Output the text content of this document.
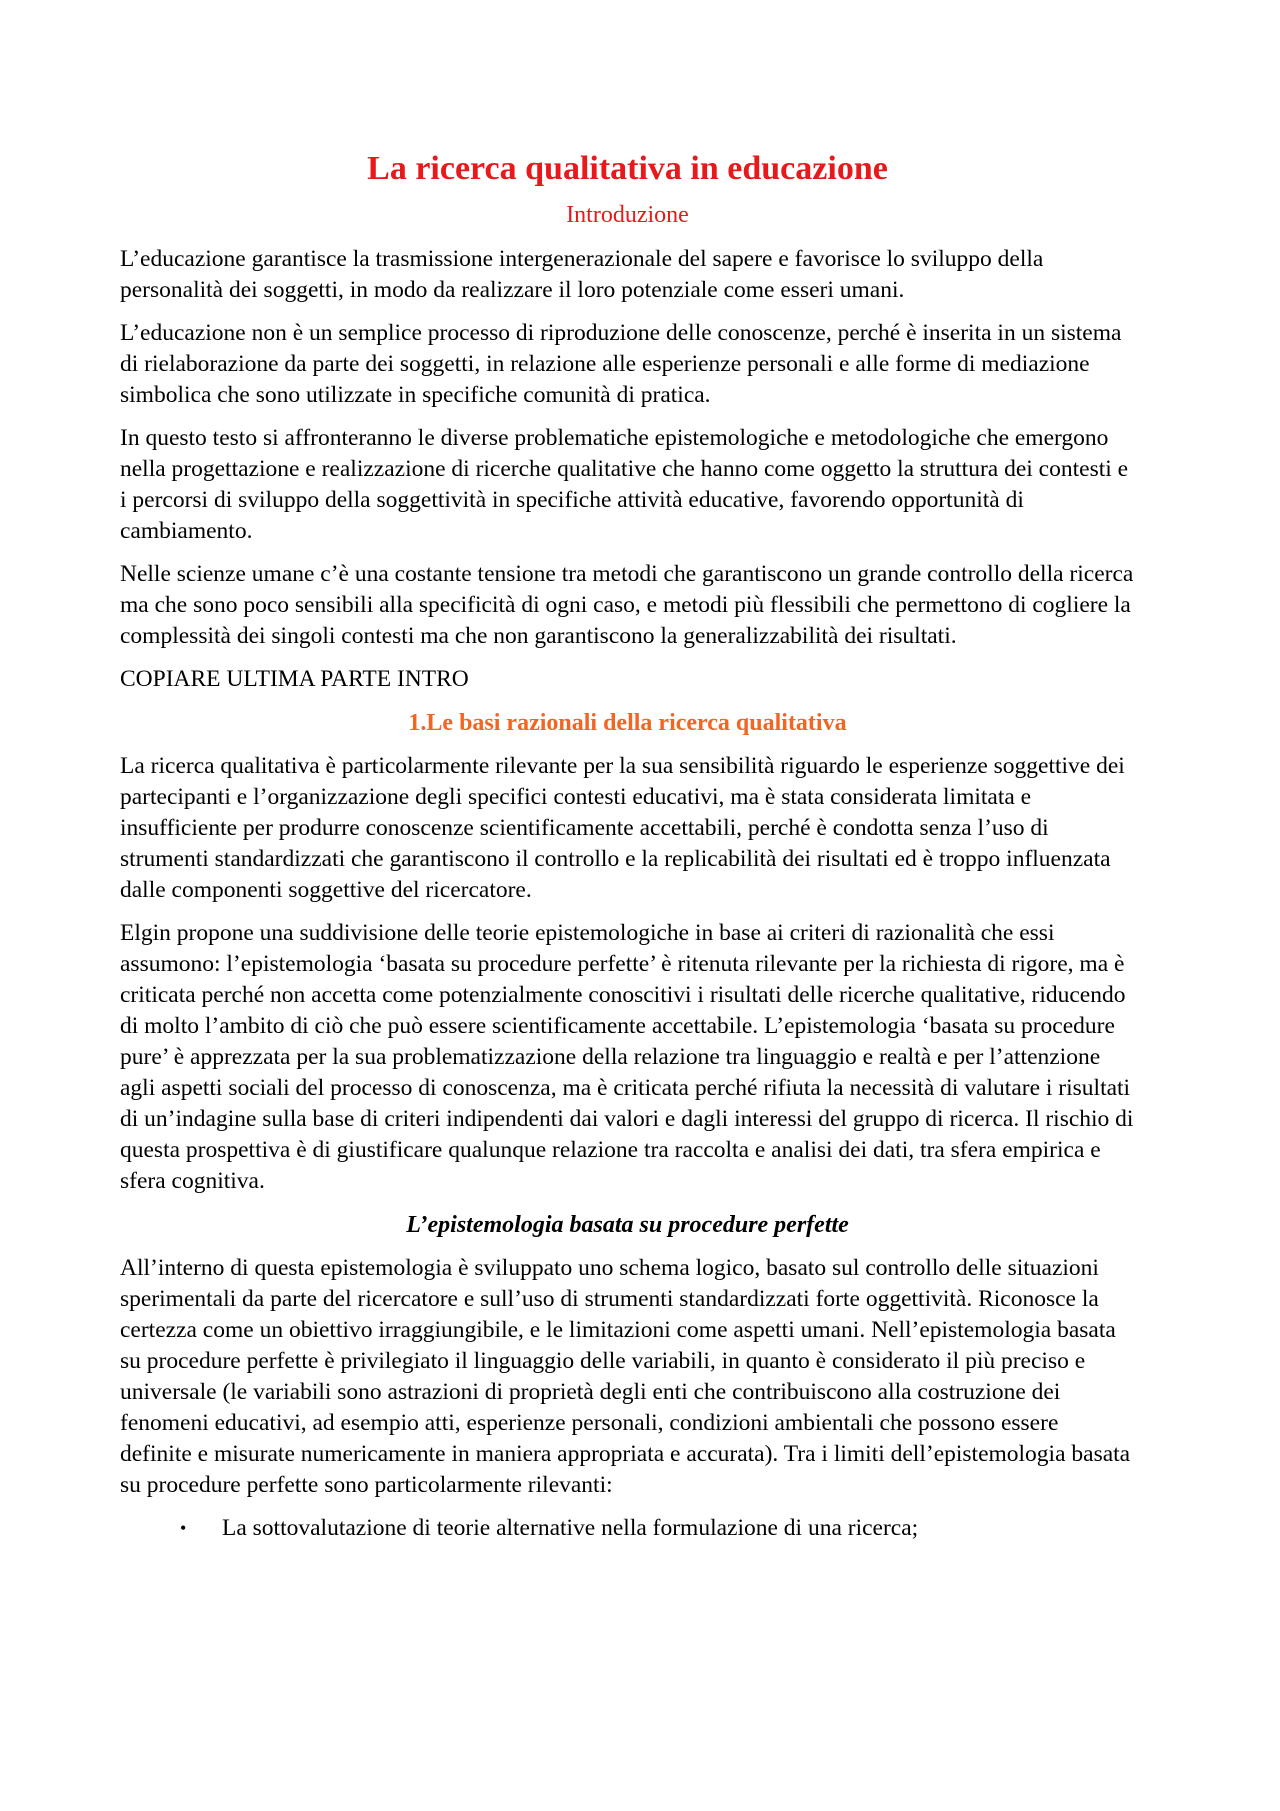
La ricerca qualitativa in educazione
Introduzione

L’educazione garantisce la trasmissione intergenerazionale del sapere e favorisce lo sviluppo della personalità dei soggetti, in modo da realizzare il loro potenziale come esseri umani.

L’educazione non è un semplice processo di riproduzione delle conoscenze, perché è inserita in un sistema di rielaborazione da parte dei soggetti, in relazione alle esperienze personali e alle forme di mediazione simbolica che sono utilizzate in specifiche comunità di pratica.

In questo testo si affronteranno le diverse problematiche epistemologiche e metodologiche che emergono nella progettazione e realizzazione di ricerche qualitative che hanno come oggetto la struttura dei contesti e i percorsi di sviluppo della soggettività in specifiche attività educative, favorendo opportunità di cambiamento.

Nelle scienze umane c’è una costante tensione tra metodi che garantiscono un grande controllo della ricerca ma che sono poco sensibili alla specificità di ogni caso, e metodi più flessibili che permettono di cogliere la complessità dei singoli contesti ma che non garantiscono la generalizzabilità dei risultati.

COPIARE ULTIMA PARTE INTRO

1.Le basi razionali della ricerca qualitativa

La ricerca qualitativa è particolarmente rilevante per la sua sensibilità riguardo le esperienze soggettive dei partecipanti e l’organizzazione degli specifici contesti educativi, ma è stata considerata limitata e insufficiente per produrre conoscenze scientificamente accettabili, perché è condotta senza l’uso di strumenti standardizzati che garantiscono il controllo e la replicabilità dei risultati ed è troppo influenzata dalle componenti soggettive del ricercatore.

Elgin propone una suddivisione delle teorie epistemologiche in base ai criteri di razionalità che essi assumono: l’epistemologia ‘basata su procedure perfette’ è ritenuta rilevante per la richiesta di rigore, ma è criticata perché non accetta come potenzialmente conoscitivi i risultati delle ricerche qualitative, riducendo di molto l’ambito di ciò che può essere scientificamente accettabile. L’epistemologia ‘basata su procedure pure’ è apprezzata per la sua problematizzazione della relazione tra linguaggio e realtà e per l’attenzione agli aspetti sociali del processo di conoscenza, ma è criticata perché rifiuta la necessità di valutare i risultati di un’indagine sulla base di criteri indipendenti dai valori e dagli interessi del gruppo di ricerca. Il rischio di questa prospettiva è di giustificare qualunque relazione tra raccolta e analisi dei dati, tra sfera empirica e sfera cognitiva.

L’epistemologia basata su procedure perfette

All’interno di questa epistemologia è sviluppato uno schema logico, basato sul controllo delle situazioni sperimentali da parte del ricercatore e sull’uso di strumenti standardizzati forte oggettività. Riconosce la certezza come un obiettivo irraggiungibile, e le limitazioni come aspetti umani. Nell’epistemologia basata su procedure perfette è privilegiato il linguaggio delle variabili, in quanto è considerato il più preciso e universale (le variabili sono astrazioni di proprietà degli enti che contribuiscono alla costruzione dei fenomeni educativi, ad esempio atti, esperienze personali, condizioni ambientali che possono essere definite e misurate numericamente in maniera appropriata e accurata). Tra i limiti dell’epistemologia basata su procedure perfette sono particolarmente rilevanti:

• La sottovalutazione di teorie alternative nella formulazione di una ricerca;
